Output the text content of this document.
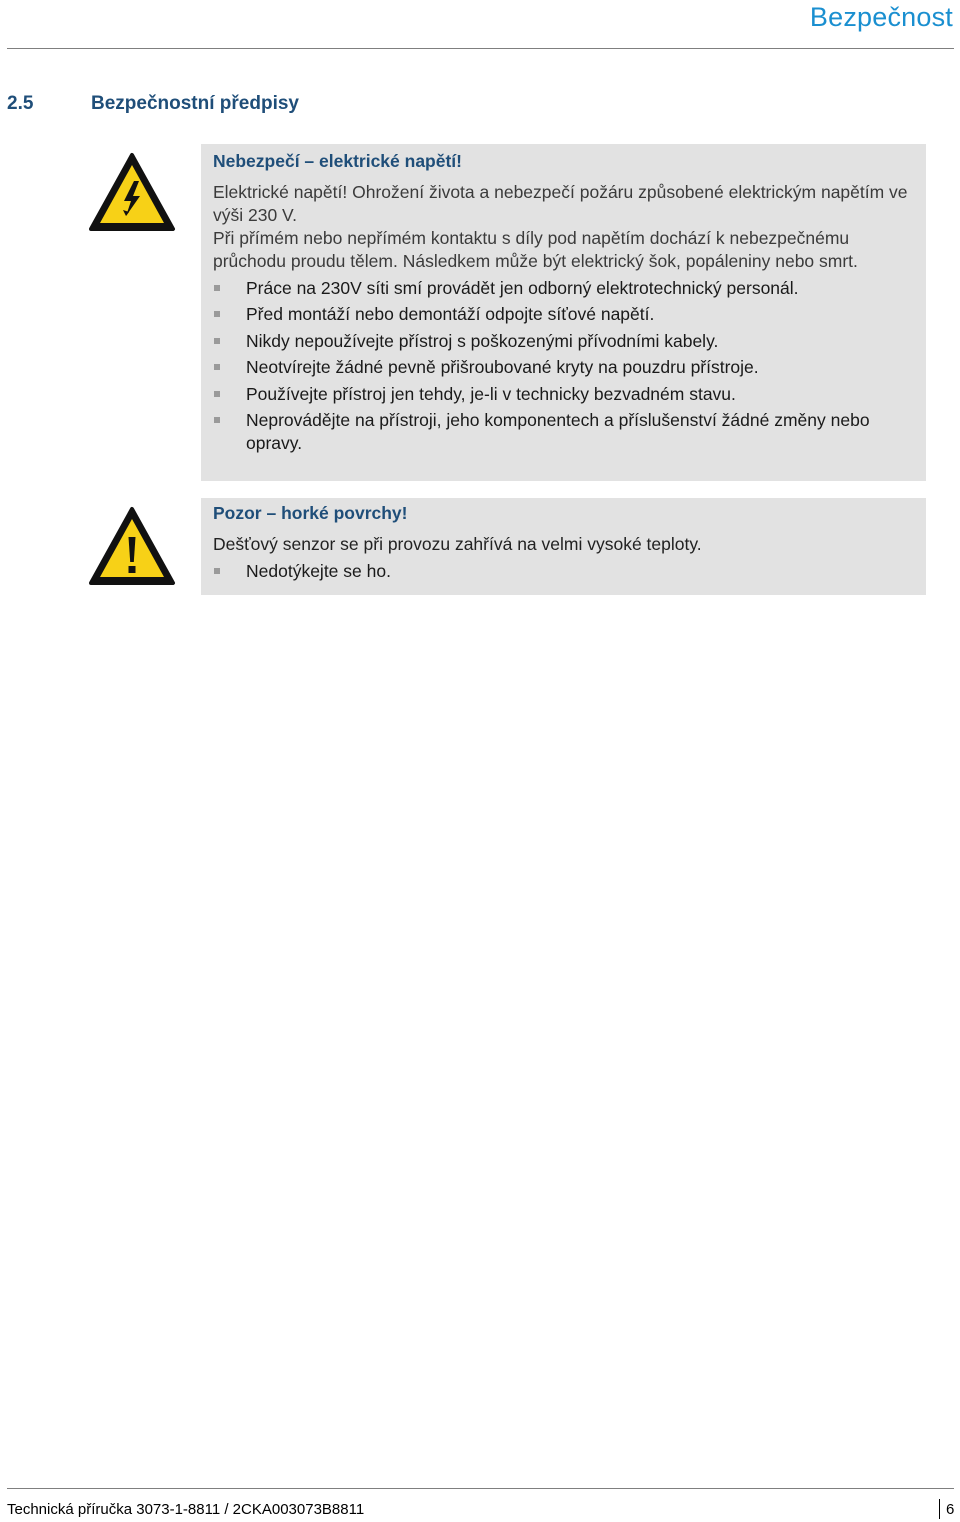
Bezpečnost
2.5	Bezpečnostní předpisy
Nebezpečí – elektrické napětí!
Elektrické napětí! Ohrožení života a nebezpečí požáru způsobené elektrickým napětím ve výši 230 V.
Při přímém nebo nepřímém kontaktu s díly pod napětím dochází k nebezpečnému průchodu proudu tělem. Následkem může být elektrický šok, popáleniny nebo smrt.
Práce na 230V síti smí provádět jen odborný elektrotechnický personál.
Před montáží nebo demontáží odpojte síťové napětí.
Nikdy nepoužívejte přístroj s poškozenými přívodními kabely.
Neotvírejte žádné pevně přišroubované kryty na pouzdru přístroje.
Používejte přístroj jen tehdy, je-li v technicky bezvadném stavu.
Neprovádějte na přístroji, jeho komponentech a příslušenství žádné změny nebo opravy.
Pozor – horké povrchy!
Dešťový senzor se při provozu zahřívá na velmi vysoké teploty.
Nedotýkejte se ho.
Technická příručka 3073-1-8811 / 2CKA003073B8811	6
